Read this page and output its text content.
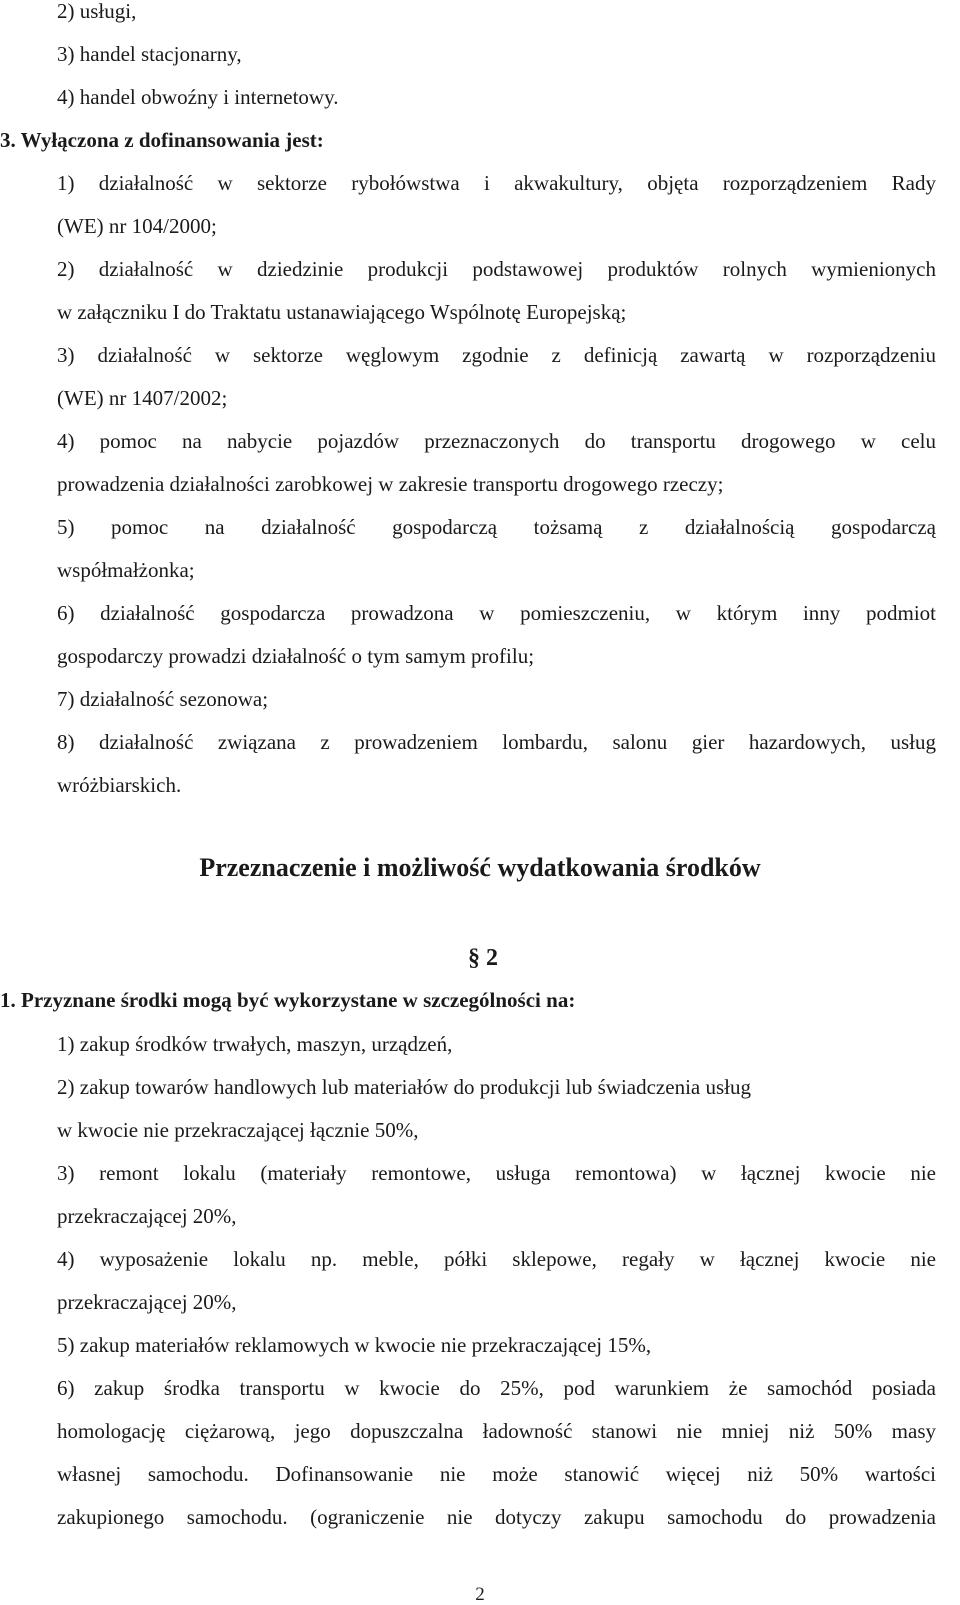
2) usługi,
3) handel stacjonarny,
4) handel obwoźny i internetowy.
3. Wyłączona z dofinansowania jest:
1) działalność w sektorze rybołówstwa i akwakultury, objęta rozporządzeniem Rady
(WE) nr 104/2000;
2) działalność w dziedzinie produkcji podstawowej produktów rolnych wymienionych
w załączniku I do Traktatu ustanawiającego Wspólnotę Europejską;
3) działalność w sektorze węglowym zgodnie z definicją zawartą w rozporządzeniu
(WE) nr 1407/2002;
4) pomoc na nabycie pojazdów przeznaczonych do transportu drogowego w celu
prowadzenia działalności zarobkowej w zakresie transportu drogowego rzeczy;
5) pomoc na działalność gospodarczą tożsamą z działalnością gospodarczą
współmałżonka;
6) działalność gospodarcza prowadzona w pomieszczeniu, w którym inny podmiot
gospodarczy prowadzi działalność o tym samym profilu;
7) działalność sezonowa;
8) działalność związana z prowadzeniem lombardu, salonu gier hazardowych, usług
wróżbiarskich.
Przeznaczenie i możliwość wydatkowania środków
§ 2
1. Przyznane środki mogą być wykorzystane w szczególności na:
1) zakup środków trwałych, maszyn, urządzeń,
2) zakup towarów handlowych lub materiałów do produkcji lub świadczenia usług
w kwocie nie przekraczającej łącznie 50%,
3) remont lokalu (materiały remontowe, usługa remontowa) w łącznej kwocie nie
przekraczającej 20%,
4) wyposażenie lokalu np. meble, półki sklepowe, regały w łącznej kwocie nie
przekraczającej 20%,
5) zakup materiałów reklamowych w kwocie nie przekraczającej 15%,
6) zakup środka transportu w kwocie do 25%, pod warunkiem że samochód posiada
homologację ciężarową, jego dopuszczalna ładowność stanowi nie mniej niż 50% masy
własnej samochodu. Dofinansowanie nie może stanowić więcej niż 50% wartości
zakupionego samochodu. (ograniczenie nie dotyczy zakupu samochodu do prowadzenia
2
